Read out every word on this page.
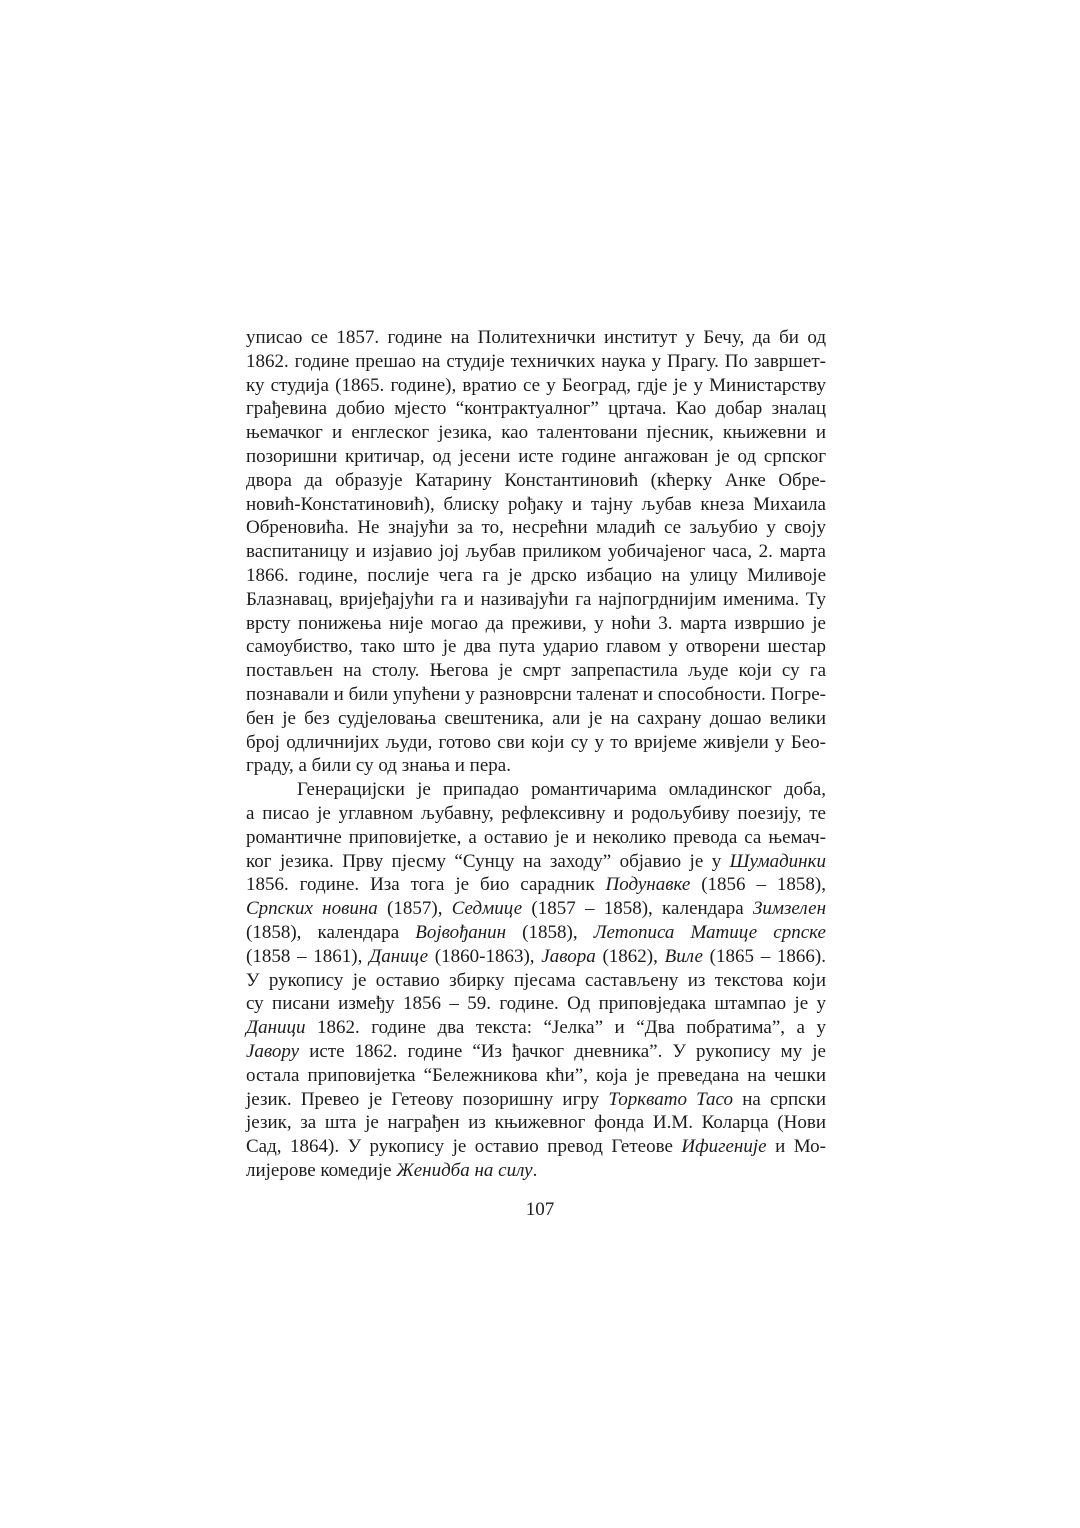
уписао се 1857. године на Политехнички институт у Бечу, да би од
1862. године прешао на студије техничких наука у Прагу. По завршет-
ку студија (1865. године), вратио се у Београд, гдје је у Министарству
грађевина добио мјесто “контрактуалног” цртача. Као добар зналац
њемачког и енглеског језика, као талентовани пјесник, књижевни и
позоришни критичар, од јесени исте године ангажован је од српског
двора да образује Катарину Константиновић (кћерку Анке Обре-
новић-Констатиновић), блиску рођаку и тајну љубав кнеза Михаила
Обреновића. Не знајући за то, несрећни младић се заљубио у своју
васпитаницу и изјавио јој љубав приликом уобичајеног часа, 2. марта
1866. године, послије чега га је дрско избацио на улицу Миливоје
Блазнавац, вријеђајући га и називајући га најпогрднијим именима. Ту
врсту понижења није могао да преживи, у ноћи 3. марта извршио је
самоубиство, тако што је два пута ударио главом у отворени шестар
постављен на столу. Његова је смрт запрепастила људе који су га
познавали и били упућени у разноврсни таленат и способности. Погре-
бен је без судјеловања свештеника, али је на сахрану дошао велики
број одличнијих људи, готово сви који су у то вријеме живјели у Бео-
граду, а били су од знања и пера.
Генерацијски је припадао романтичарима омладинског доба,
а писао је углавном љубавну, рефлексивну и родољубиву поезију, те
романтичне приповијетке, а оставио је и неколико превода са њемач-
ког језика. Прву пјесму “Сунцу на заходу” објавио је у Шумадинки
1856. године. Иза тога је био сарадник Подунавке (1856 – 1858),
Српских новина (1857), Седмице (1857 – 1858), календара Зимзелен
(1858), календара Војвођанин (1858), Летописа Матице српске
(1858 – 1861), Данице (1860-1863), Јавора (1862), Виле (1865 – 1866).
У рукопису је оставио збирку пјесама састављену из текстова који
су писани између 1856 – 59. године. Од приповједака штампао је у
Даници 1862. године два текста: “Јелка” и “Два побратима”, а у
Јавору исте 1862. године “Из ђачког дневника”. У рукопису му је
остала приповијетка “Бележникова кћи”, која је преведана на чешки
језик. Превео је Гетеову позоришну игру Торквато Тасо на српски
језик, за шта је награђен из књижевног фонда И.М. Коларца (Нови
Сад, 1864). У рукопису је оставио превод Гетеове Ифигеније и Мо-
лијерове комедије Женидба на силу.
107
